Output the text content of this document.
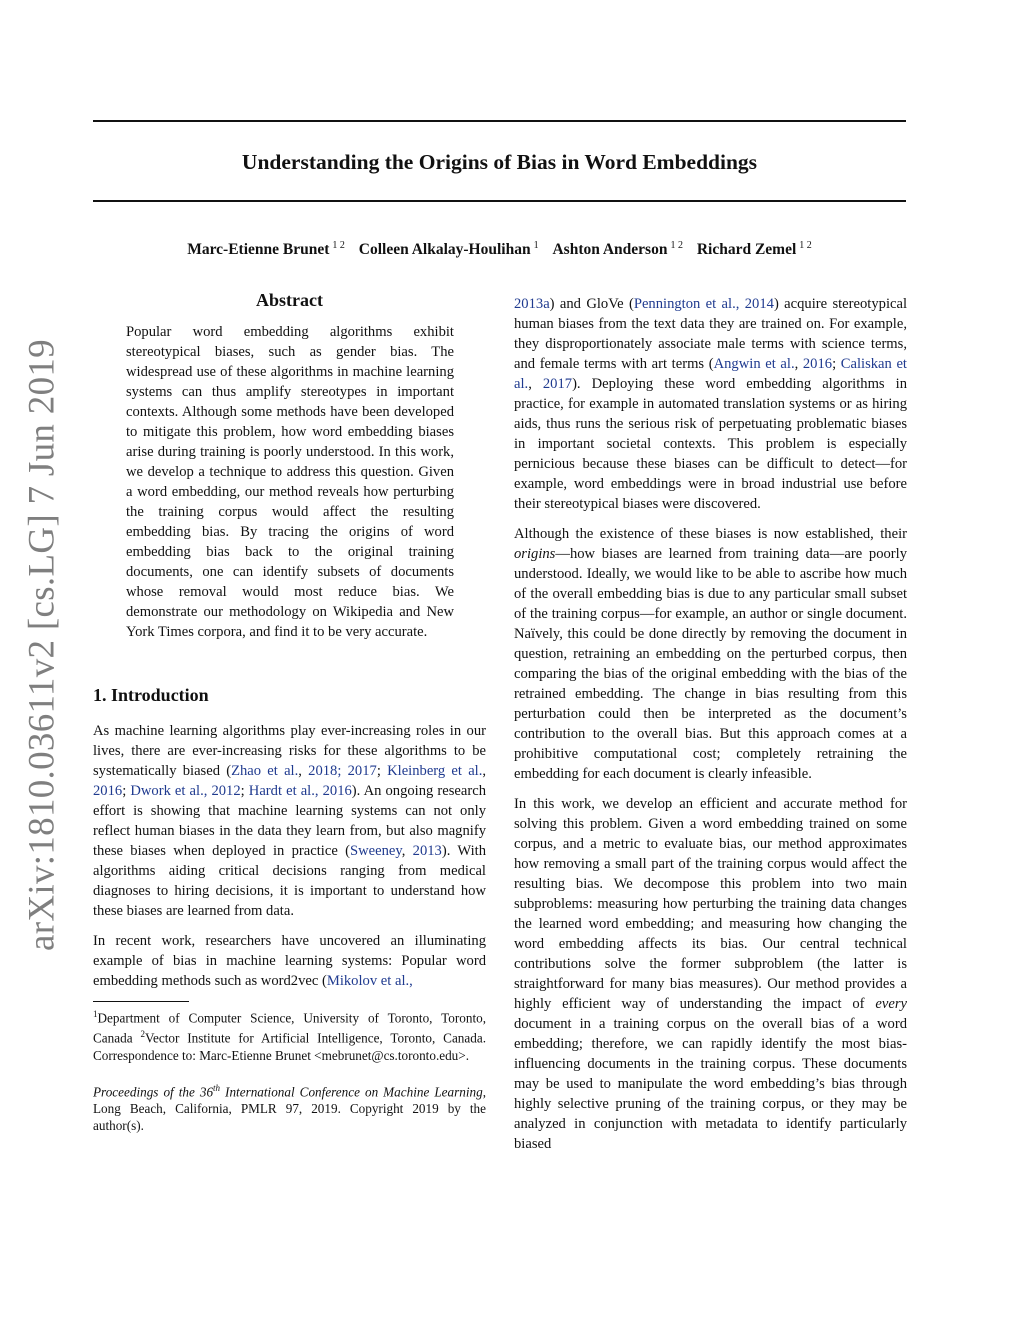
Understanding the Origins of Bias in Word Embeddings
Marc-Etienne Brunet $^{1 2}$ Colleen Alkalay-Houlihan $^1$ Ashton Anderson $^{1 2}$ Richard Zemel $^{1 2}$
arXiv:1810.03611v2 [cs.LG] 7 Jun 2019
Abstract

Popular word embedding algorithms exhibit stereotypical biases, such as gender bias. The widespread use of these algorithms in machine learning systems can thus amplify stereotypes in important contexts. Although some methods have been developed to mitigate this problem, how word embedding biases arise during training is poorly understood. In this work, we develop a technique to address this question. Given a word embedding, our method reveals how perturbing the training corpus would affect the resulting embedding bias. By tracing the origins of word embedding bias back to the original training documents, one can identify subsets of documents whose removal would most reduce bias. We demonstrate our methodology on Wikipedia and New York Times corpora, and find it to be very accurate.

1. Introduction

As machine learning algorithms play ever-increasing roles in our lives, there are ever-increasing risks for these algorithms to be systematically biased (Zhao et al., 2018; 2017; Kleinberg et al., 2016; Dwork et al., 2012; Hardt et al., 2016). An ongoing research effort is showing that machine learning systems can not only reflect human biases in the data they learn from, but also magnify these biases when deployed in practice (Sweeney, 2013). With algorithms aiding critical decisions ranging from medical diagnoses to hiring decisions, it is important to understand how these biases are learned from data.

In recent work, researchers have uncovered an illuminating example of bias in machine learning systems: Popular word embedding methods such as word2vec (Mikolov et al.,

$^1$Department of Computer Science, University of Toronto, Toronto, Canada $^2$Vector Institute for Artificial Intelligence, Toronto, Canada. Correspondence to: Marc-Etienne Brunet <mebrunet@cs.toronto.edu>.

Proceedings of the 36th International Conference on Machine Learning, Long Beach, California, PMLR 97, 2019. Copyright 2019 by the author(s).

2013a) and GloVe (Pennington et al., 2014) acquire stereotypical human biases from the text data they are trained on. For example, they disproportionately associate male terms with science terms, and female terms with art terms (Angwin et al., 2016; Caliskan et al., 2017). Deploying these word embedding algorithms in practice, for example in automated translation systems or as hiring aids, thus runs the serious risk of perpetuating problematic biases in important societal contexts. This problem is especially pernicious because these biases can be difficult to detect—for example, word embeddings were in broad industrial use before their stereotypical biases were discovered.

Although the existence of these biases is now established, their origins—how biases are learned from training data—are poorly understood. Ideally, we would like to be able to ascribe how much of the overall embedding bias is due to any particular small subset of the training corpus—for example, an author or single document. Naïvely, this could be done directly by removing the document in question, retraining an embedding on the perturbed corpus, then comparing the bias of the original embedding with the bias of the retrained embedding. The change in bias resulting from this perturbation could then be interpreted as the document’s contribution to the overall bias. But this approach comes at a prohibitive computational cost; completely retraining the embedding for each document is clearly infeasible.

In this work, we develop an efficient and accurate method for solving this problem. Given a word embedding trained on some corpus, and a metric to evaluate bias, our method approximates how removing a small part of the training corpus would affect the resulting bias. We decompose this problem into two main subproblems: measuring how perturbing the training data changes the learned word embedding; and measuring how changing the word embedding affects its bias. Our central technical contributions solve the former subproblem (the latter is straightforward for many bias measures). Our method provides a highly efficient way of understanding the impact of every document in a training corpus on the overall bias of a word embedding; therefore, we can rapidly identify the most bias-influencing documents in the training corpus. These documents may be used to manipulate the word embedding’s bias through highly selective pruning of the training corpus, or they may be analyzed in conjunction with metadata to identify particularly biased
